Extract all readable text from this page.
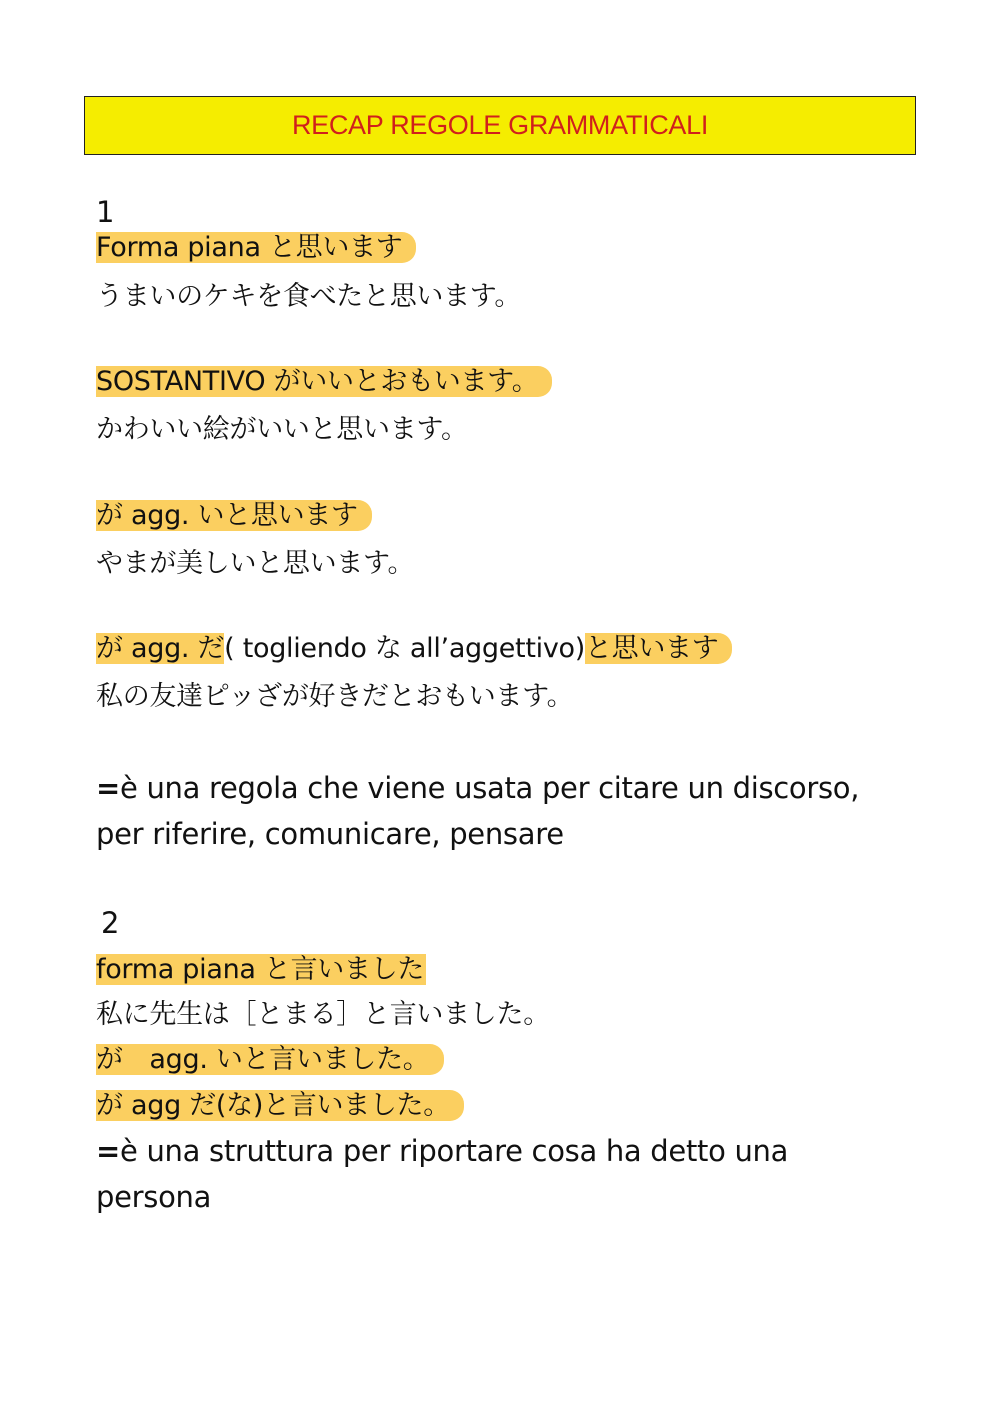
RECAP REGOLE GRAMMATICALI
1
Forma piana と思います
うまいのケキを食べたと思います。
SOSTANTIVO がいいとおもいます。
かわいい絵がいいと思います。
が agg. いと思います
やまが美しいと思います。
が agg. だ( togliendo な all’aggettivo)と思います
私の友達ピッざが好きだとおもいます。
=è una regola che viene usata per citare un discorso,
per riferire, comunicare, pensare
2
forma piana と言いました
私に先生は［とまる］と言いました。
が　agg. いと言いました。
が agg だ(な)と言いました。
=è una struttura per riportare cosa ha detto una
persona
